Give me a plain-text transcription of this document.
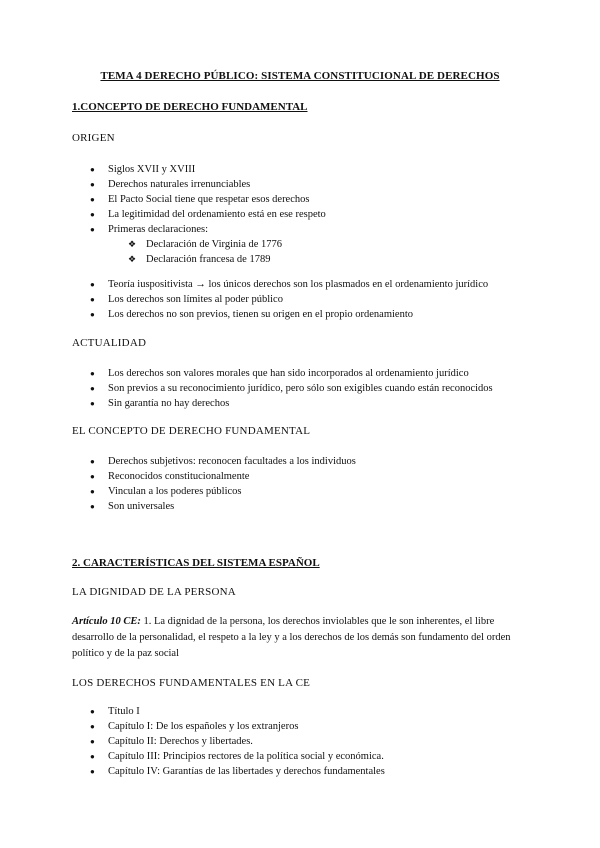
TEMA 4 DERECHO PÚBLICO: SISTEMA CONSTITUCIONAL DE DERECHOS
1.CONCEPTO DE DERECHO FUNDAMENTAL
ORIGEN
● Siglos XVII y XVIII
● Derechos naturales irrenunciables
● El Pacto Social tiene que respetar esos derechos
● La legitimidad del ordenamiento está en ese respeto
● Primeras declaraciones:
❖ Declaración de Virginia de 1776
❖ Declaración francesa de 1789
● Teoría iuspositivista → los únicos derechos son los plasmados en el ordenamiento jurídico
● Los derechos son límites al poder público
● Los derechos no son previos, tienen su origen en el propio ordenamiento
ACTUALIDAD
● Los derechos son valores morales que han sido incorporados al ordenamiento jurídico
● Son previos a su reconocimiento jurídico, pero sólo son exigibles cuando están reconocidos
● Sin garantía no hay derechos
EL CONCEPTO DE DERECHO FUNDAMENTAL
● Derechos subjetivos: reconocen facultades a los individuos
● Reconocidos constitucionalmente
● Vinculan a los poderes públicos
● Son universales
2. CARACTERÍSTICAS DEL SISTEMA ESPAÑOL
LA DIGNIDAD DE LA PERSONA
Artículo 10 CE: 1. La dignidad de la persona, los derechos inviolables que le son inherentes, el libre desarrollo de la personalidad, el respeto a la ley y a los derechos de los demás son fundamento del orden político y de la paz social
LOS DERECHOS FUNDAMENTALES EN LA CE
● Título I
● Capítulo I: De los españoles y los extranjeros
● Capítulo II: Derechos y libertades.
● Capítulo III: Principios rectores de la política social y económica.
● Capítulo IV: Garantías de las libertades y derechos fundamentales
